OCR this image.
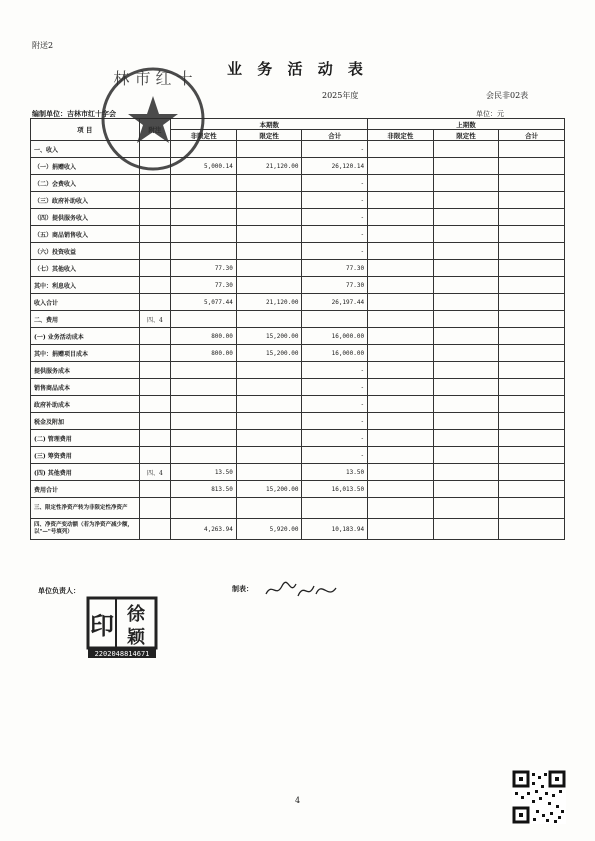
附送2
业 务 活 动 表
2025年度	会民非02表
编制单位：吉林市红十字会	单位：元
项 目		本期数			上期数		
		非限定性	限定性	合计	非限定性	限定性	合计
一、收入				-			
（一）捐赠收入		5,000.14	21,120.00	26,120.14			
（二）会费收入				-			
（三）政府补助收入				-			
（四）提供服务收入				-			
（五）商品销售收入				-			
（六）投资收益				-			
（七）其他收入		77.30		77.30			
其中：利息收入		77.30		77.30			
收入合计		5,077.44	21,120.00	26,197.44			
二、费用	四、4						
(一) 业务活动成本		800.00	15,200.00	16,000.00			
其中：捐赠项目成本		800.00	15,200.00	16,000.00			
提供服务成本				-			
销售商品成本				-			
政府补助成本				-			
税金及附加				-			
(二) 管理费用				-			
(三) 筹资费用				-			
(四) 其他费用	四、4	13.50		13.50			
费用合计		813.50	15,200.00	16,013.50			
三、限定性净资产转为非限定性净资产							
四、净资产变动额（若为净资产减少额，以"—"号填列）		4,263.94	5,920.00	10,183.94			
单位负责人：	制表：
林 市 红 十
印 徐
颖
2202048814671
4
